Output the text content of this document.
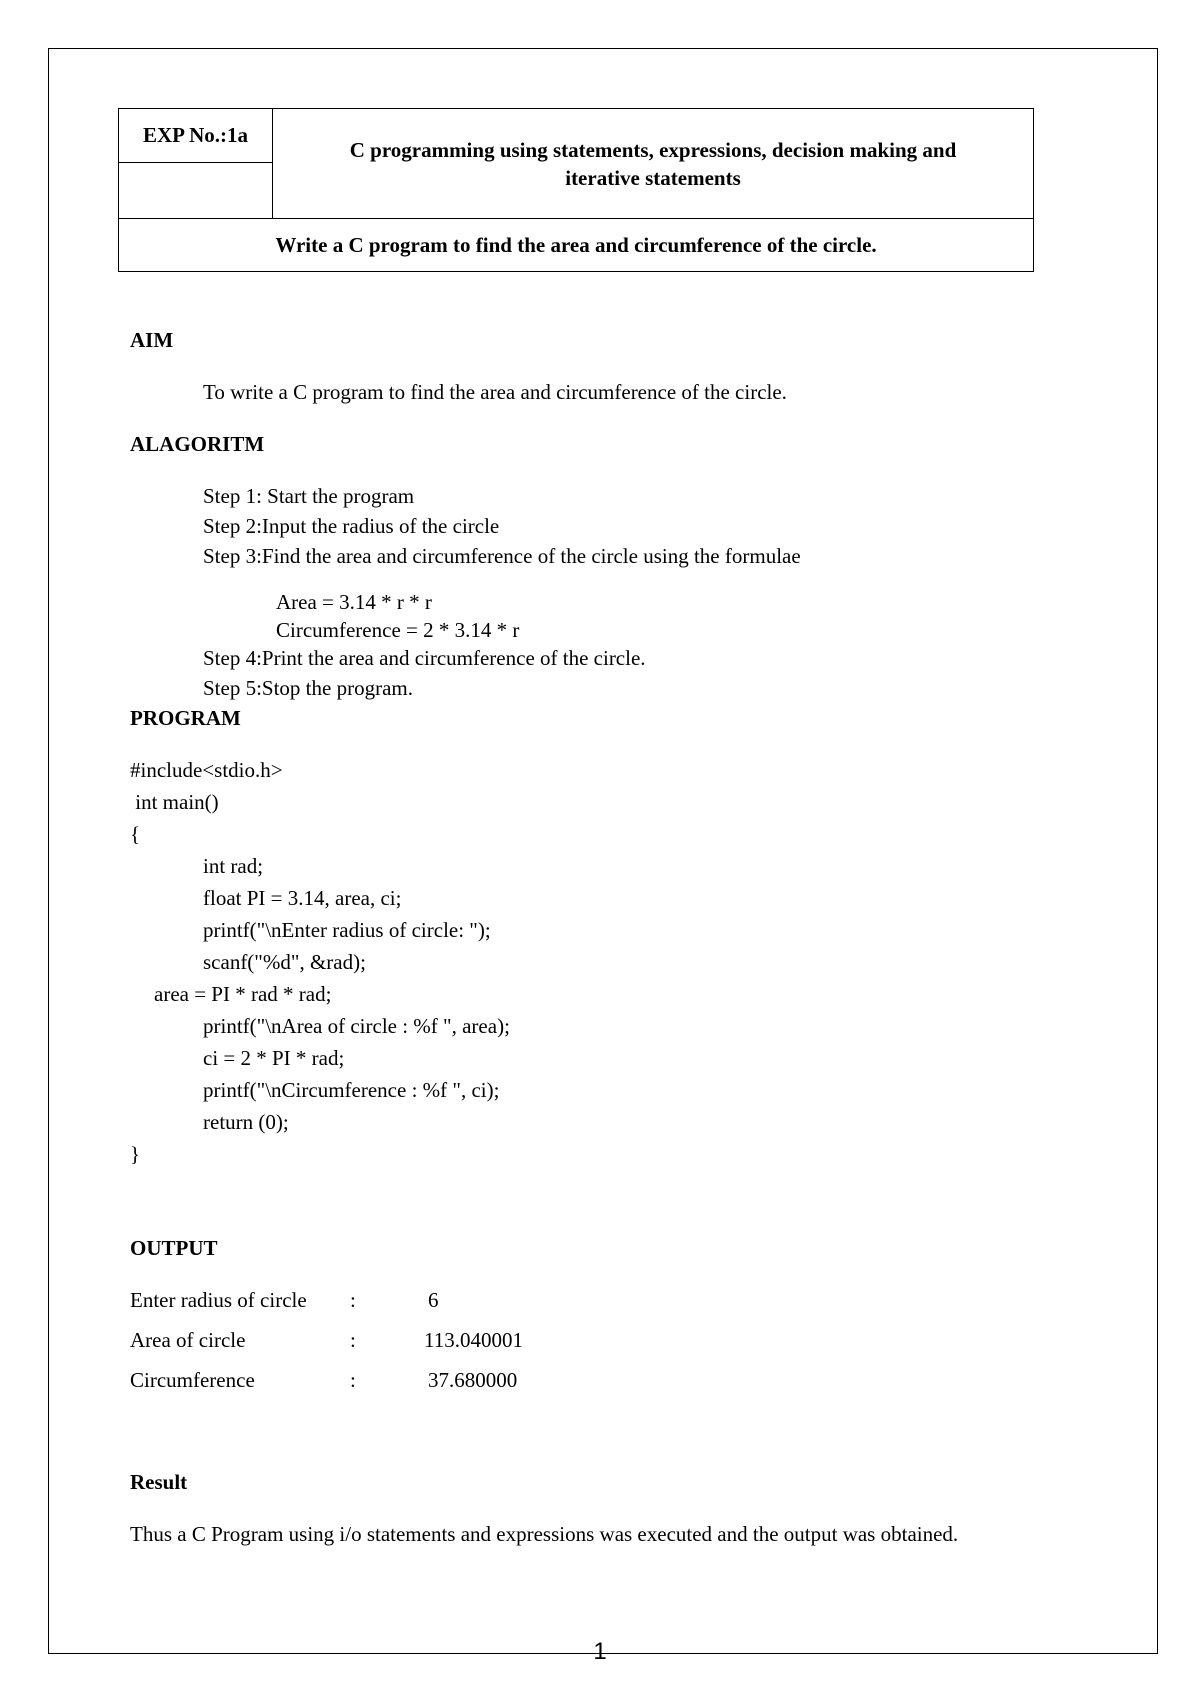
EXP No.:1a
C programming using statements, expressions, decision making and
iterative statements
Write a C program to find the area and circumference of the circle.
AIM
To write a C program to find the area and circumference of the circle.
ALAGORITM
Step 1: Start the program
Step 2:Input the radius of the circle
Step 3:Find the area and circumference of the circle using the formulae
Area = 3.14 * r * r
Circumference = 2 * 3.14 * r
Step 4:Print the area and circumference of the circle.
Step 5:Stop the program.
PROGRAM
#include<stdio.h>
int main()
{
int rad;
float PI = 3.14, area, ci;
printf("\nEnter radius of circle: ");
scanf("%d", &rad);
area = PI * rad * rad;
printf("\nArea of circle : %f ", area);
ci = 2 * PI * rad;
printf("\nCircumference : %f ", ci);
return (0);
}
OUTPUT
Enter radius of circle :	6
Area of circle	:	113.040001
Circumference	:	37.680000
Result
Thus a C Program using i/o statements and expressions was executed and the output was obtained.
1
